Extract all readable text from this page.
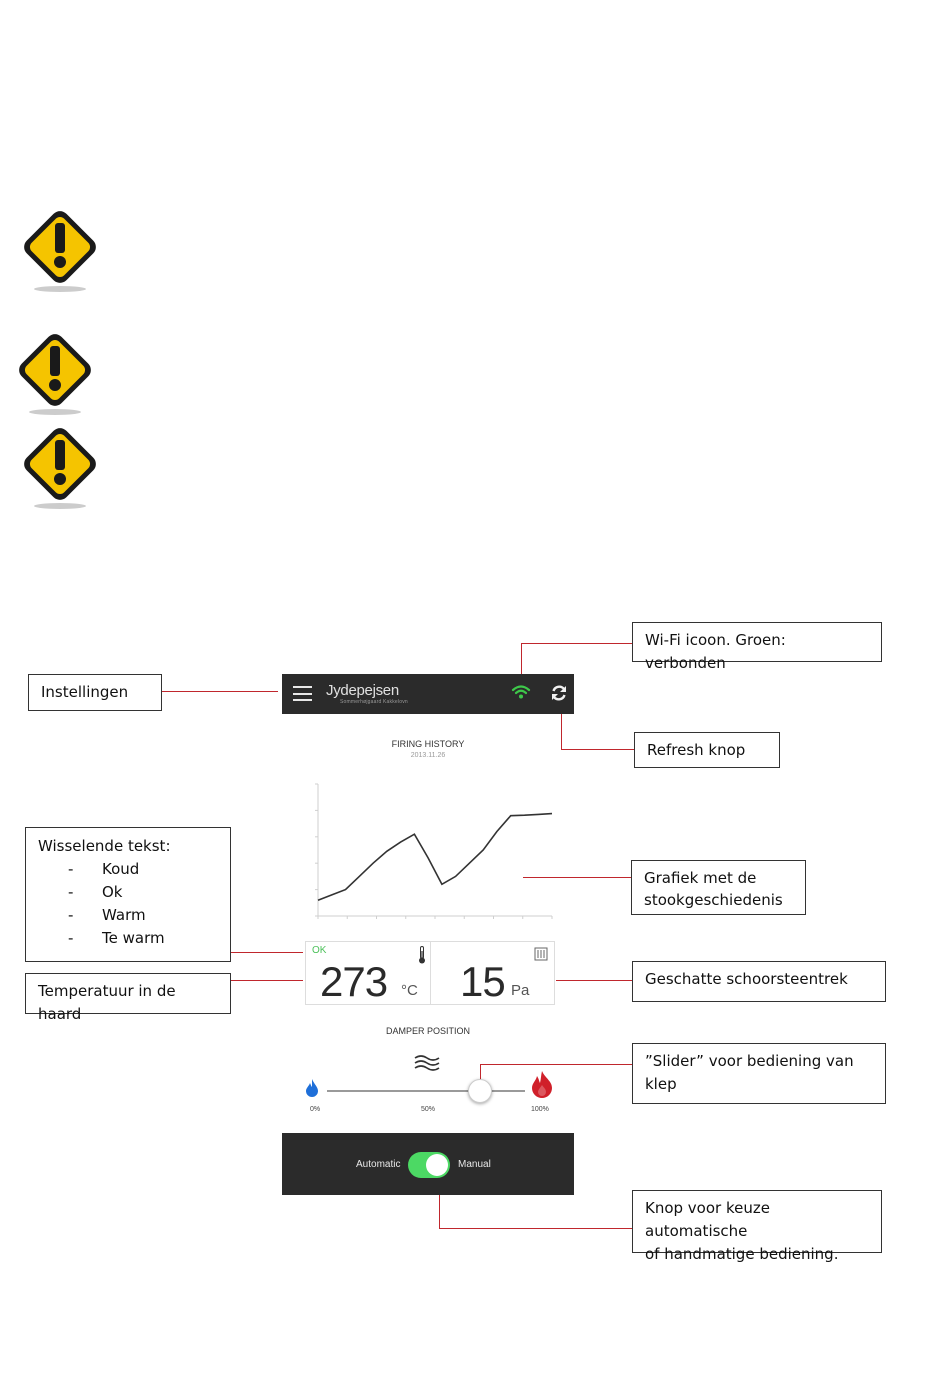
Instellingen
Wi-Fi icoon. Groen: verbonden
Refresh knop
Wisselende tekst:
-	Koud
-	Ok
-	Warm
-	Te warm
Grafiek met de
stookgeschiedenis
Temperatuur in de haard
Geschatte schoorsteentrek
”Slider” voor bediening van
klep
Knop voor keuze automatische
of handmatige bediening.
Jydepejsen
Sommerhøjgaard Kakkelovn
FIRING HISTORY
2013.11.26
OK
273 °C 15 Pa
DAMPER POSITION
0%	50%	100%
Automatic	Manual
